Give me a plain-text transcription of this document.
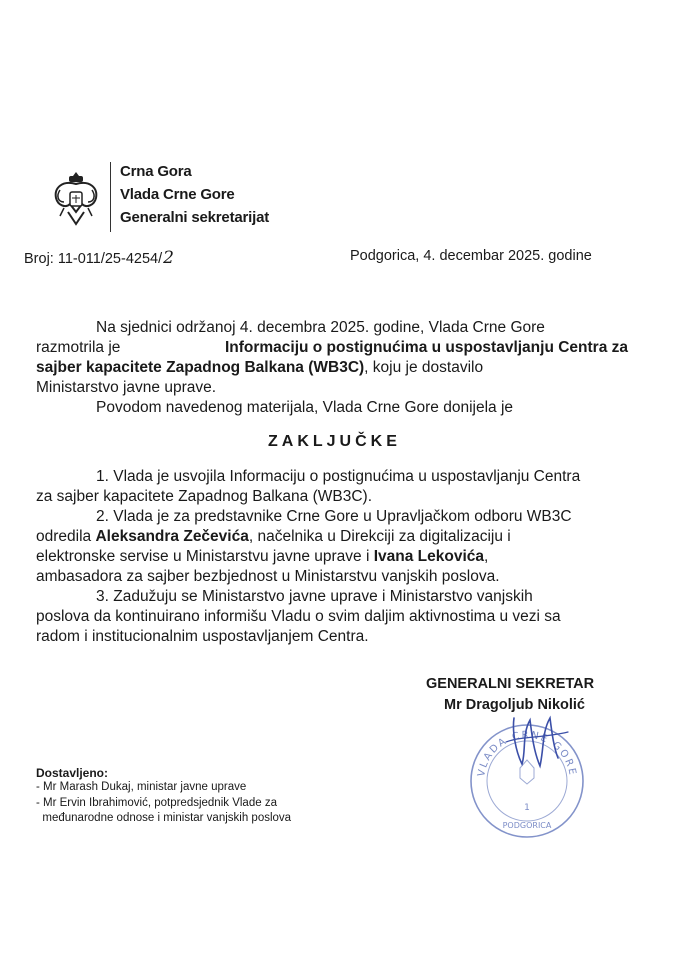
Crna Gora
Vlada Crne Gore
Generalni sekretarijat
Broj: 11-011/25-4254/2	Podgorica, 4. decembar 2025. godine
Na sjednici održanoj 4. decembra 2025. godine, Vlada Crne Gore
razmotrila je	Informaciju o postignućima u uspostavljanju Centra za
sajber kapacitete Zapadnog Balkana (WB3C), koju je dostavilo
Ministarstvo javne uprave.
Povodom navedenog materijala, Vlada Crne Gore donijela je
ZAKLJUČKE
1. Vlada je usvojila Informaciju o postignućima u uspostavljanju Centra
za sajber kapacitete Zapadnog Balkana (WB3C).
2. Vlada je za predstavnike Crne Gore u Upravljačkom odboru WB3C
odredila Aleksandra Zečevića, načelnika u Direkciji za digitalizaciju i
elektronske servise u Ministarstvu javne uprave i Ivana Lekovića,
ambasadora za sajber bezbjednost u Ministarstvu vanjskih poslova.
3. Zadužuju se Ministarstvo javne uprave i Ministarstvo vanjskih
poslova da kontinuirano informišu Vladu o svim daljim aktivnostima u vezi sa
radom i institucionalnim uspostavljanjem Centra.
GENERALNI SEKRETAR
Mr Dragoljub Nikolić
VLADA CRNE GORE
1
PODGORICA
Dostavljeno:
- Mr Marash Dukaj, ministar javne uprave
- Mr Ervin Ibrahimović, potpredsjednik Vlade za
međunarodne odnose i ministar vanjskih poslova
